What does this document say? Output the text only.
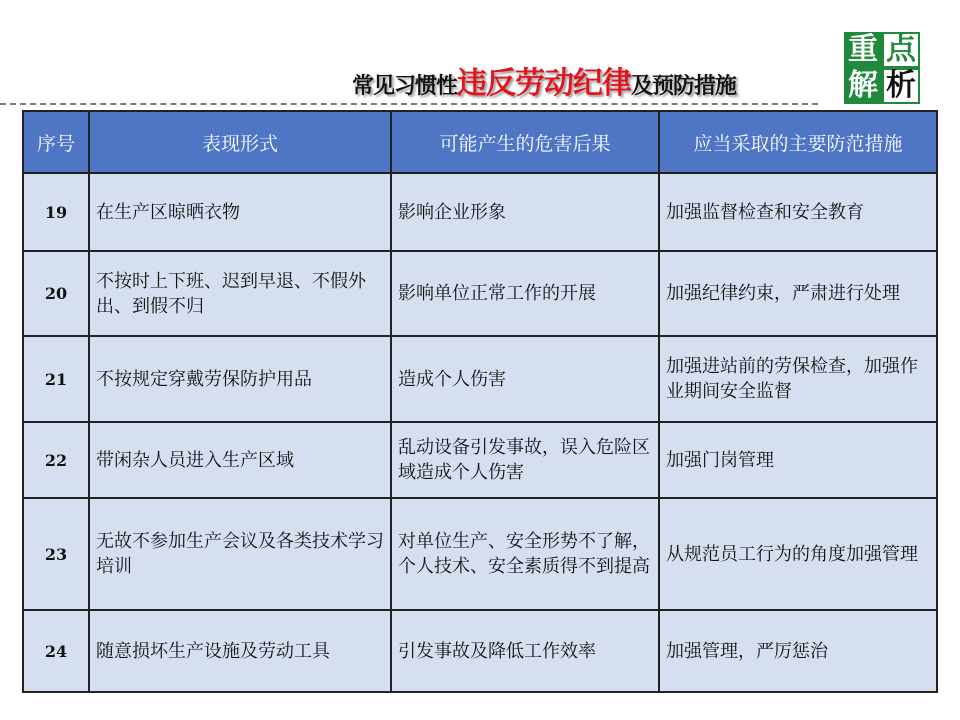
常见习惯性违反劳动纪律及预防措施
重 点
解 析
序号	表现形式	可能产生的危害后果	应当采取的主要防范措施
19	在生产区晾晒衣物	影响企业形象	加强监督检查和安全教育
20	不按时上下班、迟到早退、不假外出、到假不归	影响单位正常工作的开展	加强纪律约束，严肃进行处理
21	不按规定穿戴劳保防护用品	造成个人伤害	加强进站前的劳保检查，加强作业期间安全监督
22	带闲杂人员进入生产区域	乱动设备引发事故，误入危险区域造成个人伤害	加强门岗管理
23	无故不参加生产会议及各类技术学习培训	对单位生产、安全形势不了解，个人技术、安全素质得不到提高	从规范员工行为的角度加强管理
24	随意损坏生产设施及劳动工具	引发事故及降低工作效率	加强管理，严厉惩治
